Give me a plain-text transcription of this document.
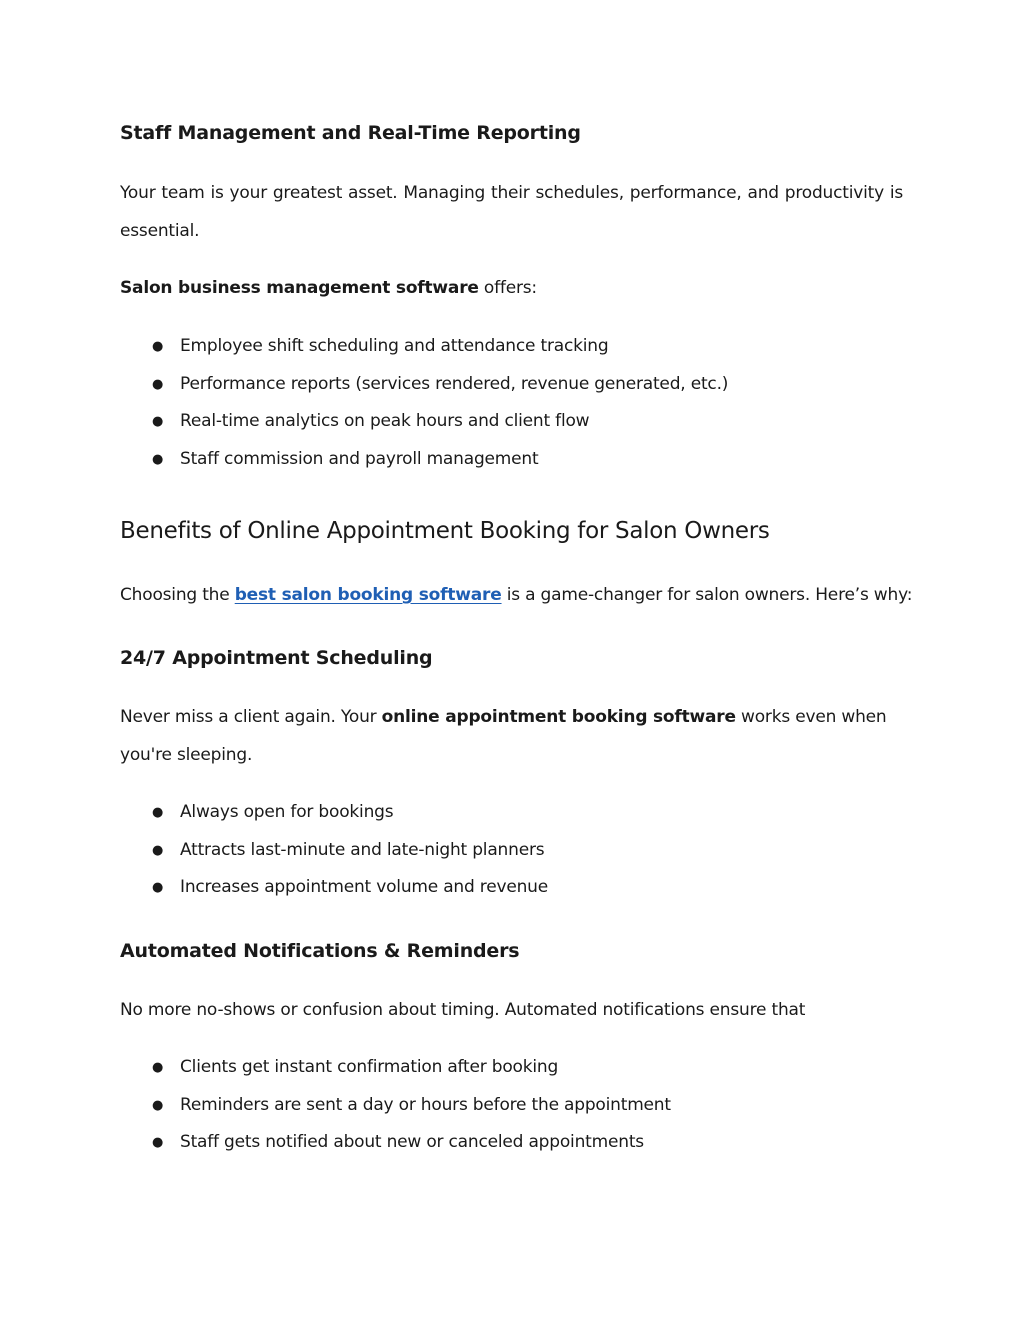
Staff Management and Real-Time Reporting

Your team is your greatest asset. Managing their schedules, performance, and productivity is essential.

Salon business management software offers:

● Employee shift scheduling and attendance tracking
● Performance reports (services rendered, revenue generated, etc.)
● Real-time analytics on peak hours and client flow
● Staff commission and payroll management
Benefits of Online Appointment Booking for Salon Owners

Choosing the best salon booking software is a game-changer for salon owners. Here’s why:

24/7 Appointment Scheduling

Never miss a client again. Your online appointment booking software works even when you're sleeping.

● Always open for bookings
● Attracts last-minute and late-night planners
● Increases appointment volume and revenue
Automated Notifications & Reminders

No more no-shows or confusion about timing. Automated notifications ensure that

● Clients get instant confirmation after booking
● Reminders are sent a day or hours before the appointment
● Staff gets notified about new or canceled appointments
